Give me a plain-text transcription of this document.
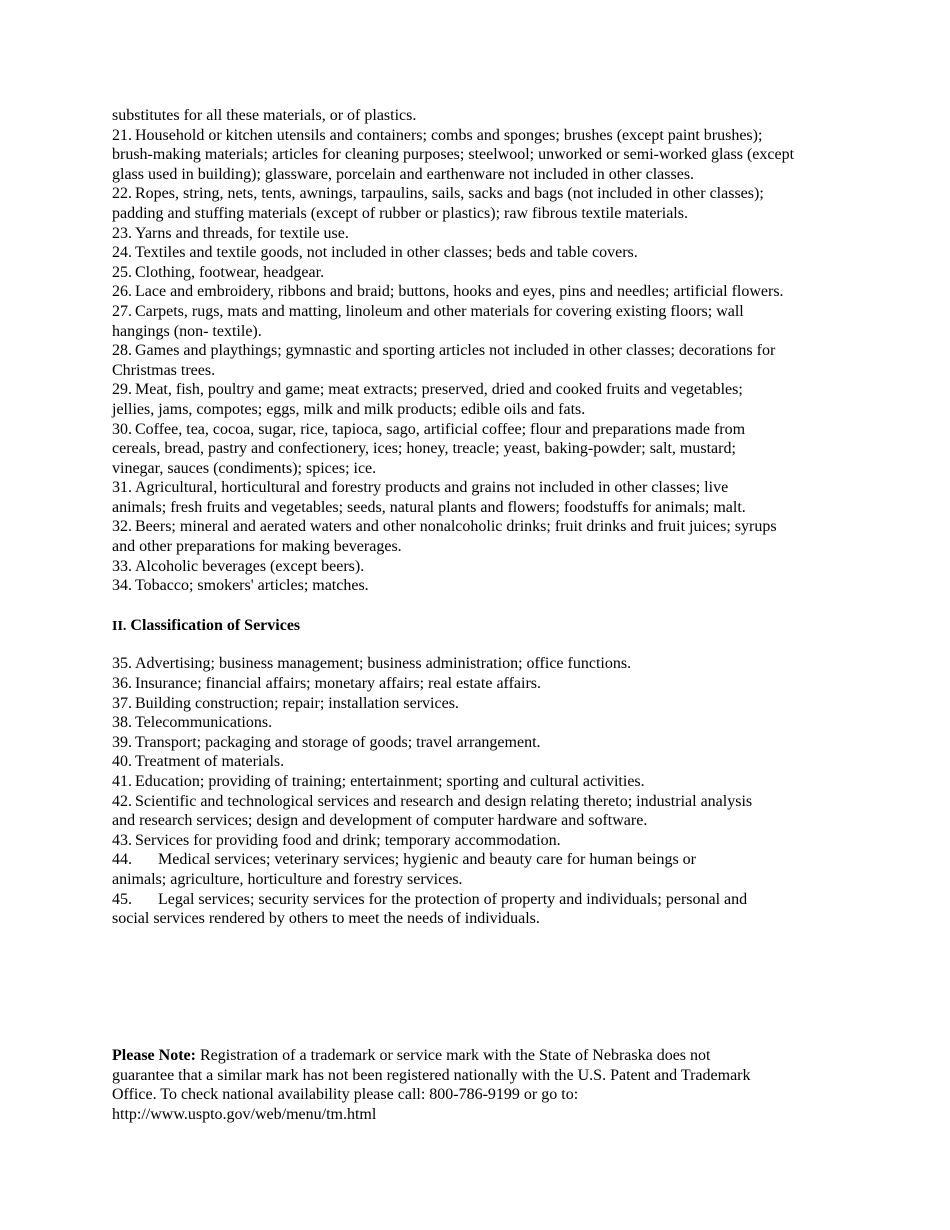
substitutes for all these materials, or of plastics.
21. Household or kitchen utensils and containers; combs and sponges; brushes (except paint brushes);
brush-making materials; articles for cleaning purposes; steelwool; unworked or semi-worked glass (except
glass used in building); glassware, porcelain and earthenware not included in other classes.
22. Ropes, string, nets, tents, awnings, tarpaulins, sails, sacks and bags (not included in other classes);
padding and stuffing materials (except of rubber or plastics); raw fibrous textile materials.
23. Yarns and threads, for textile use.
24. Textiles and textile goods, not included in other classes; beds and table covers.
25. Clothing, footwear, headgear.
26. Lace and embroidery, ribbons and braid; buttons, hooks and eyes, pins and needles; artificial flowers.
27. Carpets, rugs, mats and matting, linoleum and other materials for covering existing floors; wall
hangings (non- textile).
28. Games and playthings; gymnastic and sporting articles not included in other classes; decorations for
Christmas trees.
29. Meat, fish, poultry and game; meat extracts; preserved, dried and cooked fruits and vegetables;
jellies, jams, compotes; eggs, milk and milk products; edible oils and fats.
30. Coffee, tea, cocoa, sugar, rice, tapioca, sago, artificial coffee; flour and preparations made from
cereals, bread, pastry and confectionery, ices; honey, treacle; yeast, baking-powder; salt, mustard;
vinegar, sauces (condiments); spices; ice.
31. Agricultural, horticultural and forestry products and grains not included in other classes; live
animals; fresh fruits and vegetables; seeds, natural plants and flowers; foodstuffs for animals; malt.
32. Beers; mineral and aerated waters and other nonalcoholic drinks; fruit drinks and fruit juices; syrups
and other preparations for making beverages.
33. Alcoholic beverages (except beers).
34. Tobacco; smokers' articles; matches.
II. Classification of Services
35. Advertising; business management; business administration; office functions.
36. Insurance; financial affairs; monetary affairs; real estate affairs.
37. Building construction; repair; installation services.
38. Telecommunications.
39. Transport; packaging and storage of goods; travel arrangement.
40. Treatment of materials.
41. Education; providing of training; entertainment; sporting and cultural activities.
42. Scientific and technological services and research and design relating thereto; industrial analysis
and research services; design and development of computer hardware and software.
43. Services for providing food and drink; temporary accommodation.
44. Medical services; veterinary services; hygienic and beauty care for human beings or
animals; agriculture, horticulture and forestry services.
45. Legal services; security services for the protection of property and individuals; personal and
social services rendered by others to meet the needs of individuals.
Please Note: Registration of a trademark or service mark with the State of Nebraska does not
guarantee that a similar mark has not been registered nationally with the U.S. Patent and Trademark
Office. To check national availability please call: 800-786-9199 or go to:
http://www.uspto.gov/web/menu/tm.html
